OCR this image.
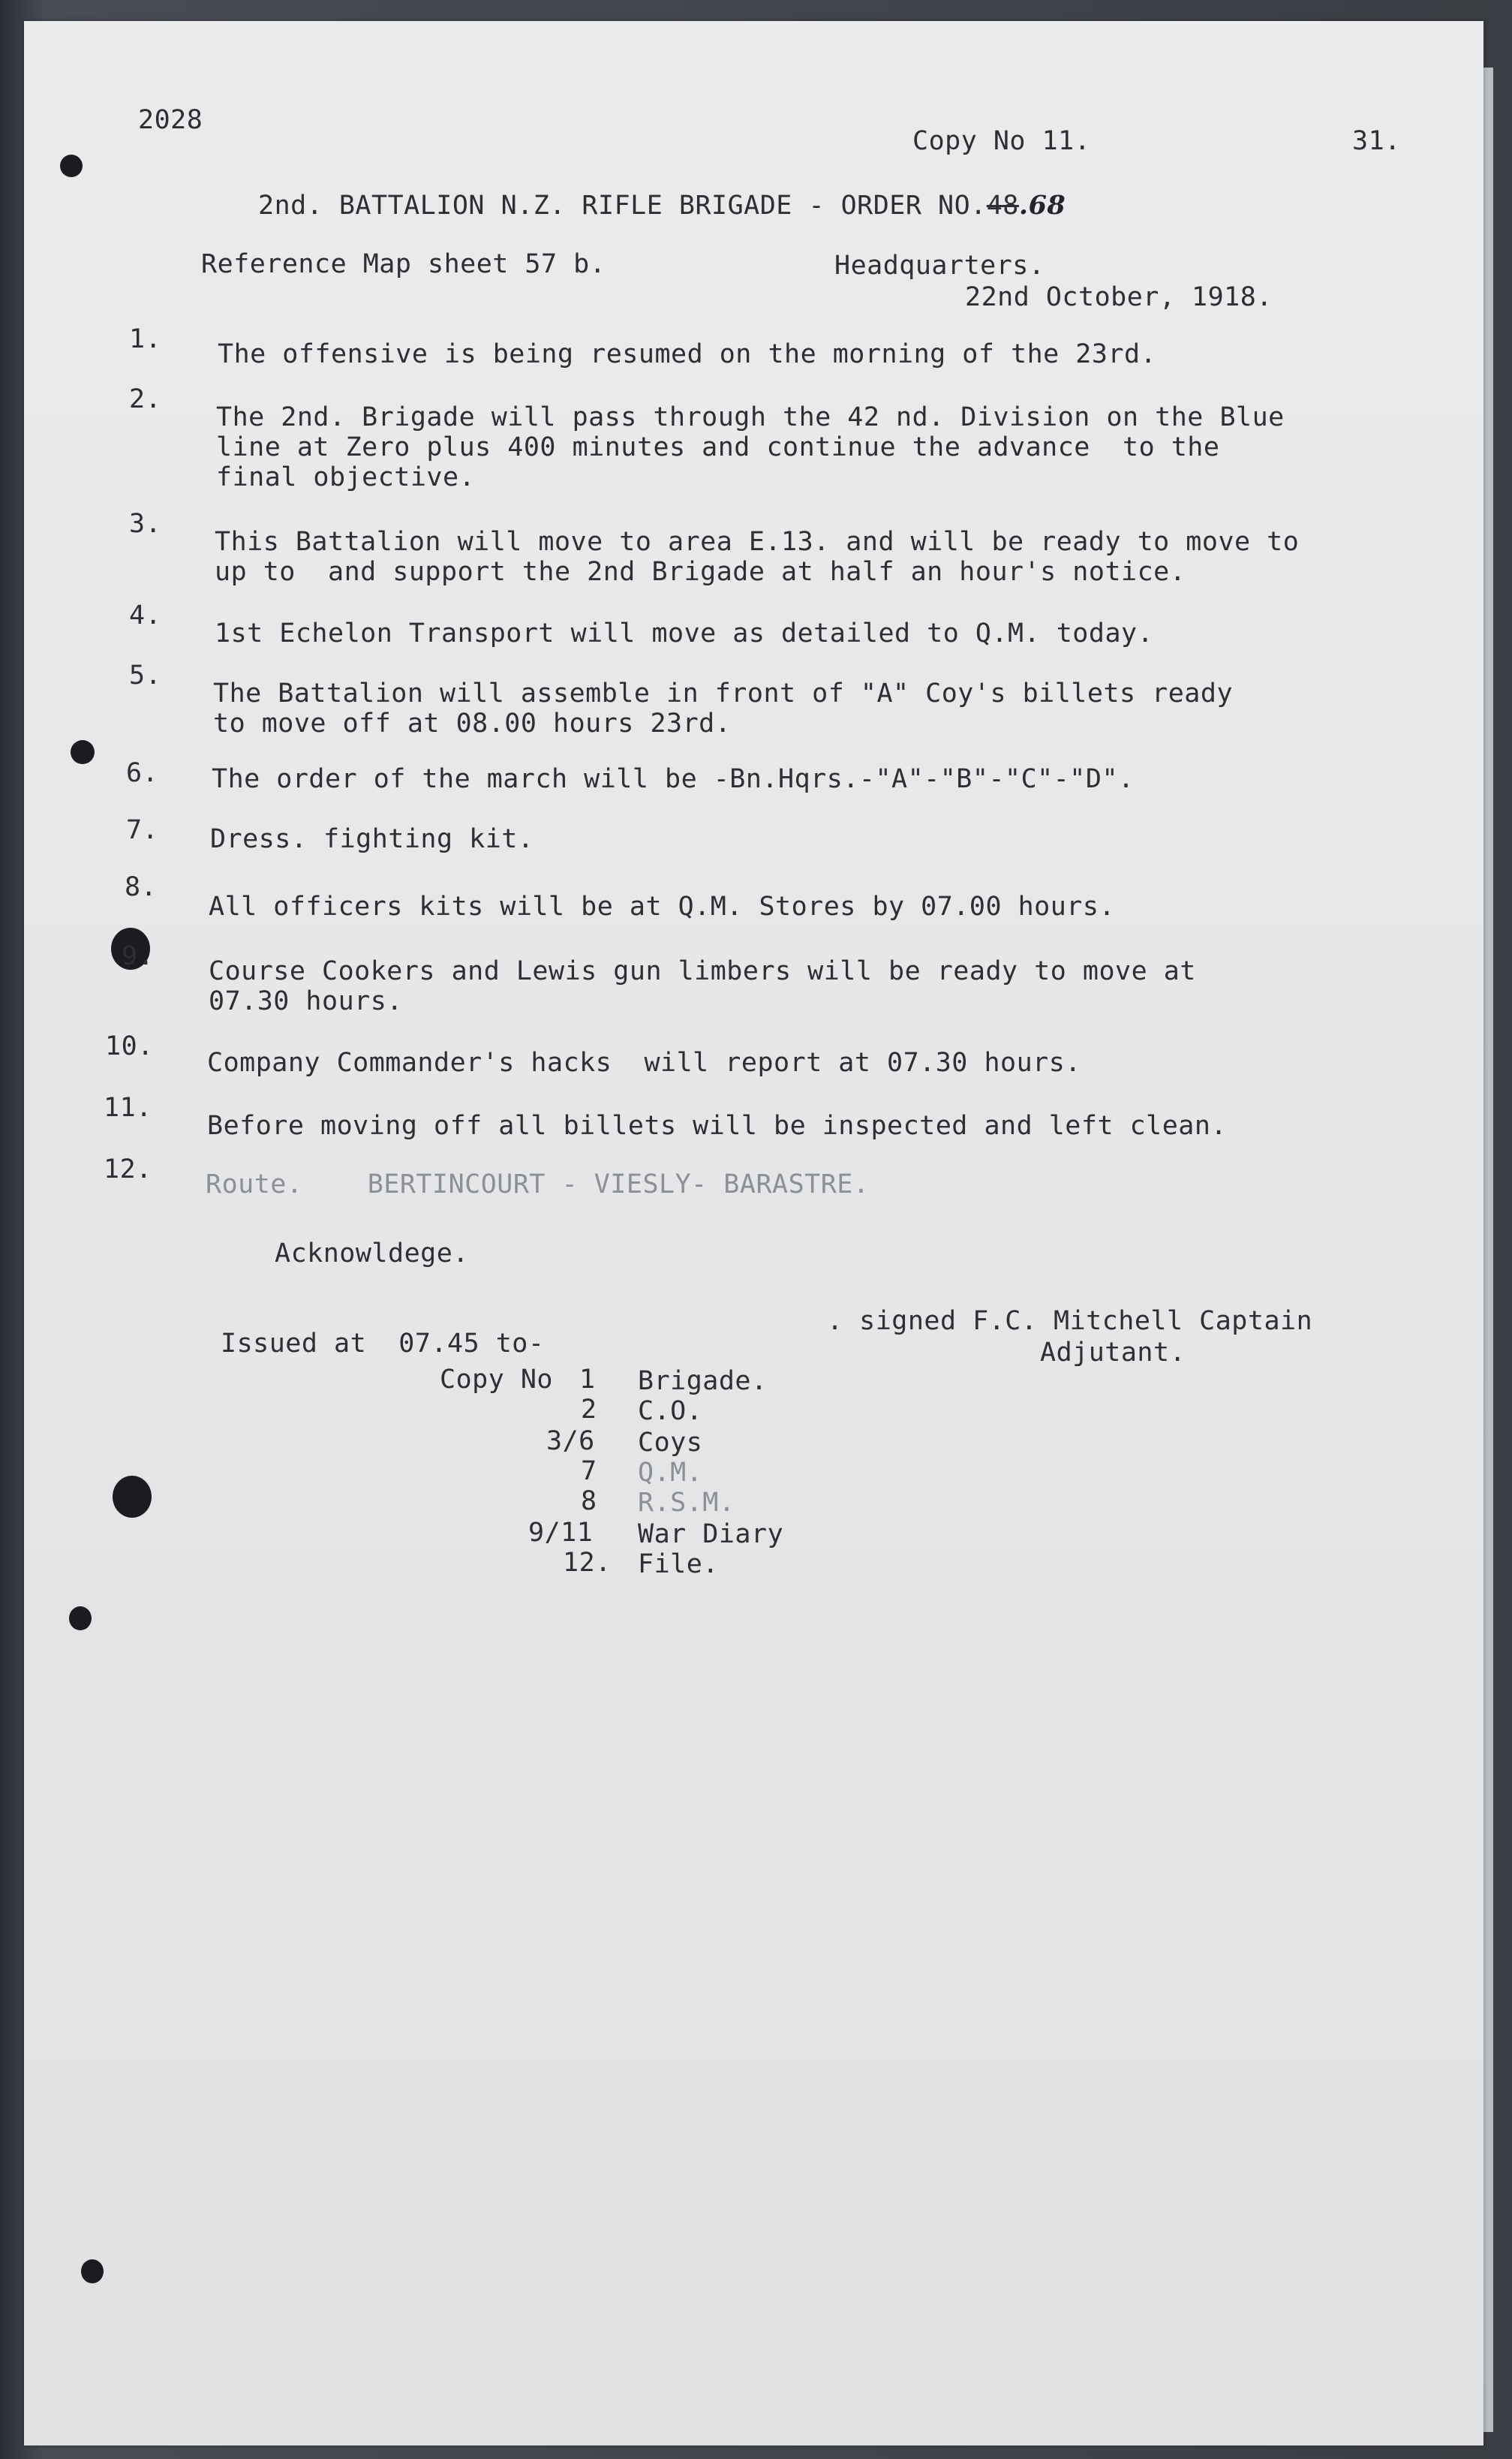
2028
Copy No 11.	31.
2nd. BATTALION N.Z. RIFLE BRIGADE - ORDER NO.48.68
Reference Map sheet 57 b.	Headquarters.
22nd October, 1918.
1. The offensive is being resumed on the morning of the 23rd.
2.
The 2nd. Brigade will pass through the 42 nd. Division on the Blue
line at Zero plus 400 minutes and continue the advance  to the
final objective.
3.
This Battalion will move to area E.13. and will be ready to move to
up to  and support the 2nd Brigade at half an hour's notice.
4.
1st Echelon Transport will move as detailed to Q.M. today.
5.
The Battalion will assemble in front of "A" Coy's billets ready
to move off at 08.00 hours 23rd.
6. The order of the march will be -Bn.Hqrs.-"A"-"B"-"C"-"D".
7. Dress. fighting kit.
8.
All officers kits will be at Q.M. Stores by 07.00 hours.
9. Course Cookers and Lewis gun limbers will be ready to move at
07.30 hours.
10.
Company Commander's hacks  will report at 07.30 hours.
11.
Before moving off all billets will be inspected and left clean.
12. Route.    BERTINCOURT - VIESLY- BARASTRE.
Acknowldege.
. signed F.C. Mitchell Captain
Adjutant.
Issued at  07.45 to-
Copy No 1 Brigade.
2 C.O.
3/6 Coys
7 Q.M.
8 R.S.M.
9/11 War Diary
12. File.
